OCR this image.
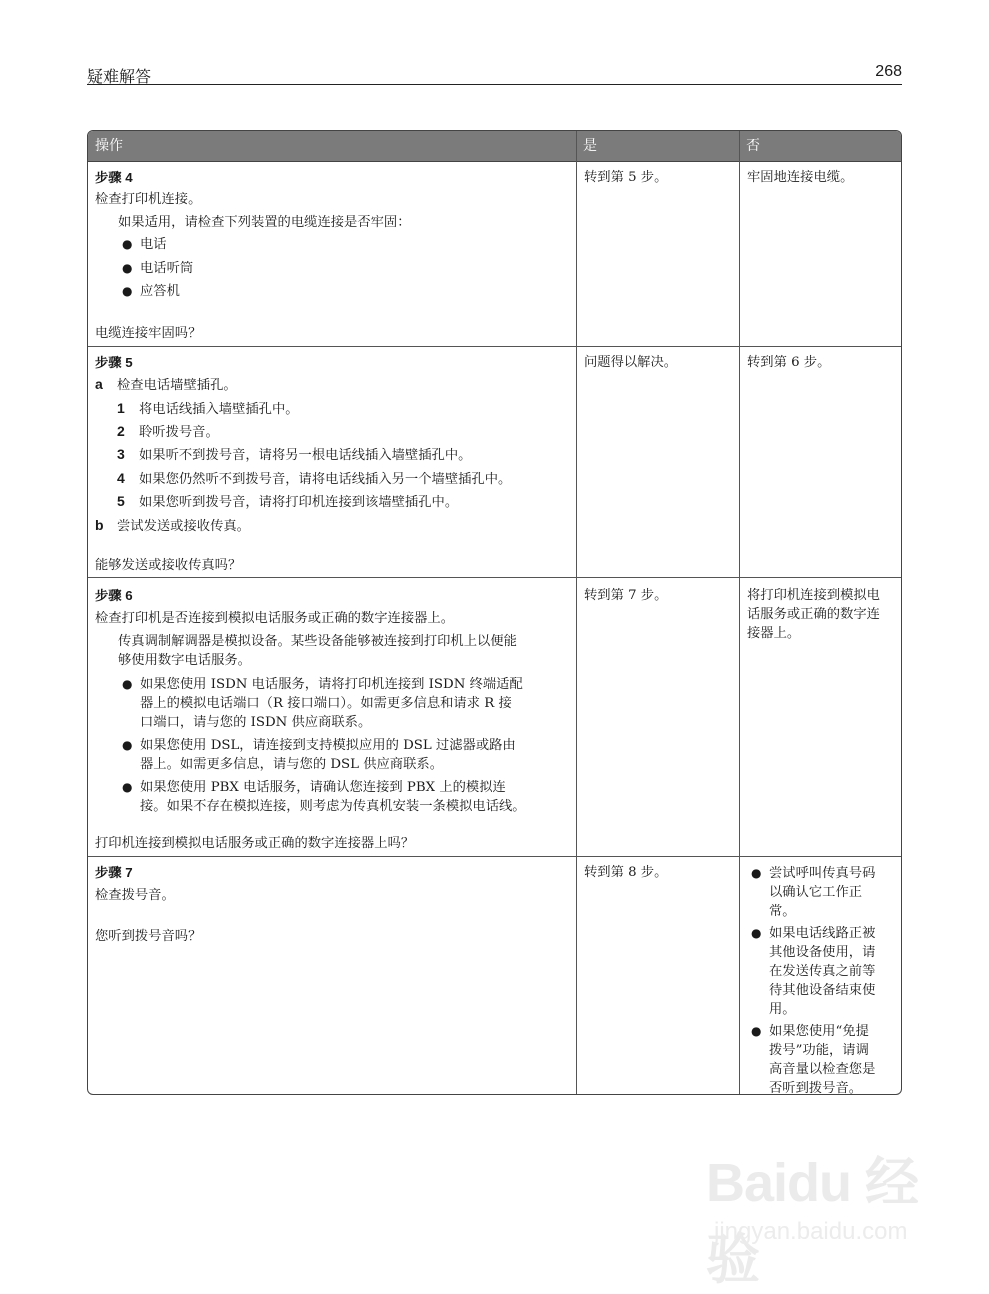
疑难解答	268
操作	是	否
步骤 4
检查打印机连接。
如果适用，请检查下列装置的电缆连接是否牢固：
● 电话
● 电话听筒
● 应答机
电缆连接牢固吗？
转到第 5 步。	牢固地连接电缆。
步骤 5
a 检查电话墙壁插孔。
1 将电话线插入墙壁插孔中。
2 聆听拨号音。
3 如果听不到拨号音，请将另一根电话线插入墙壁插孔中。
4 如果您仍然听不到拨号音，请将电话线插入另一个墙壁插孔中。
5 如果您听到拨号音，请将打印机连接到该墙壁插孔中。
b 尝试发送或接收传真。
能够发送或接收传真吗？
问题得以解决。	转到第 6 步。
步骤 6
检查打印机是否连接到模拟电话服务或正确的数字连接器上。
传真调制解调器是模拟设备。某些设备能够被连接到打印机上以便能
够使用数字电话服务。
● 如果您使用 ISDN 电话服务，请将打印机连接到 ISDN 终端适配
器上的模拟电话端口（R 接口端口）。如需更多信息和请求 R 接
口端口，请与您的 ISDN 供应商联系。
● 如果您使用 DSL，请连接到支持模拟应用的 DSL 过滤器或路由
器上。如需更多信息，请与您的 DSL 供应商联系。
● 如果您使用 PBX 电话服务，请确认您连接到 PBX 上的模拟连
接。如果不存在模拟连接，则考虑为传真机安装一条模拟电话线。
打印机连接到模拟电话服务或正确的数字连接器上吗？
转到第 7 步。	将打印机连接到模拟电
话服务或正确的数字连
接器上。
步骤 7
检查拨号音。
您听到拨号音吗？
转到第 8 步。	● 尝试呼叫传真号码
以确认它工作正
常。
● 如果电话线路正被
其他设备使用，请
在发送传真之前等
待其他设备结束使
用。
● 如果您使用“免提
拨号”功能，请调
高音量以检查您是
否听到拨号音。
Baidu 经验
jingyan.baidu.com
